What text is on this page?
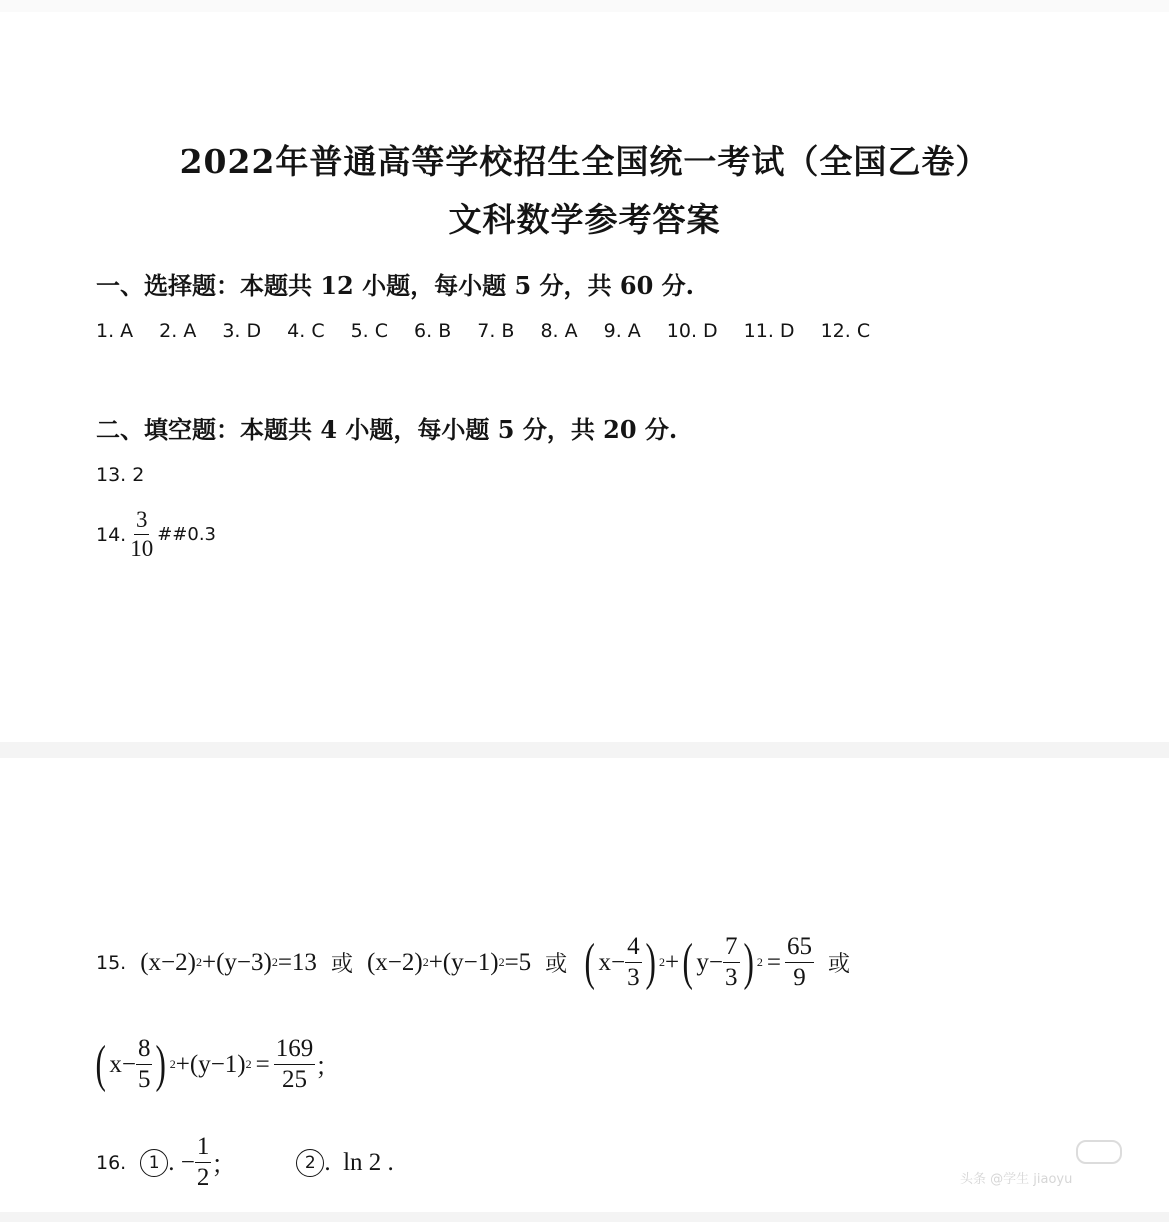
2022年普通高等学校招生全国统一考试（全国乙卷）
文科数学参考答案
一、选择题：本题共 12 小题，每小题 5 分，共 60 分.
1. A 2. A 3. D 4. C 5. C 6. B 7. B 8. A 9. A 10. D 11. D 12. C
二、填空题：本题共 4 小题，每小题 5 分，共 20 分.
13. 2
14. $\frac{3}{10}$ ##0.3
15. (x−2) 2 +(y−3) 2 =13 或 (x−2) 2 +(y−1) 2 =5 或 ( $x- \frac{4}{3}$ ) 2 + ( $y- \frac{7}{3}$ ) $2 = \frac{65}{9}$ 或
( $x- \frac{8}{5}$ ) 2 +(y−1) $2 = \frac{169}{25}$ ；
16.	1 . − $\frac{1}{2}$ ；	2 .  ln 2 .
头条 @学生 jiaoyu
